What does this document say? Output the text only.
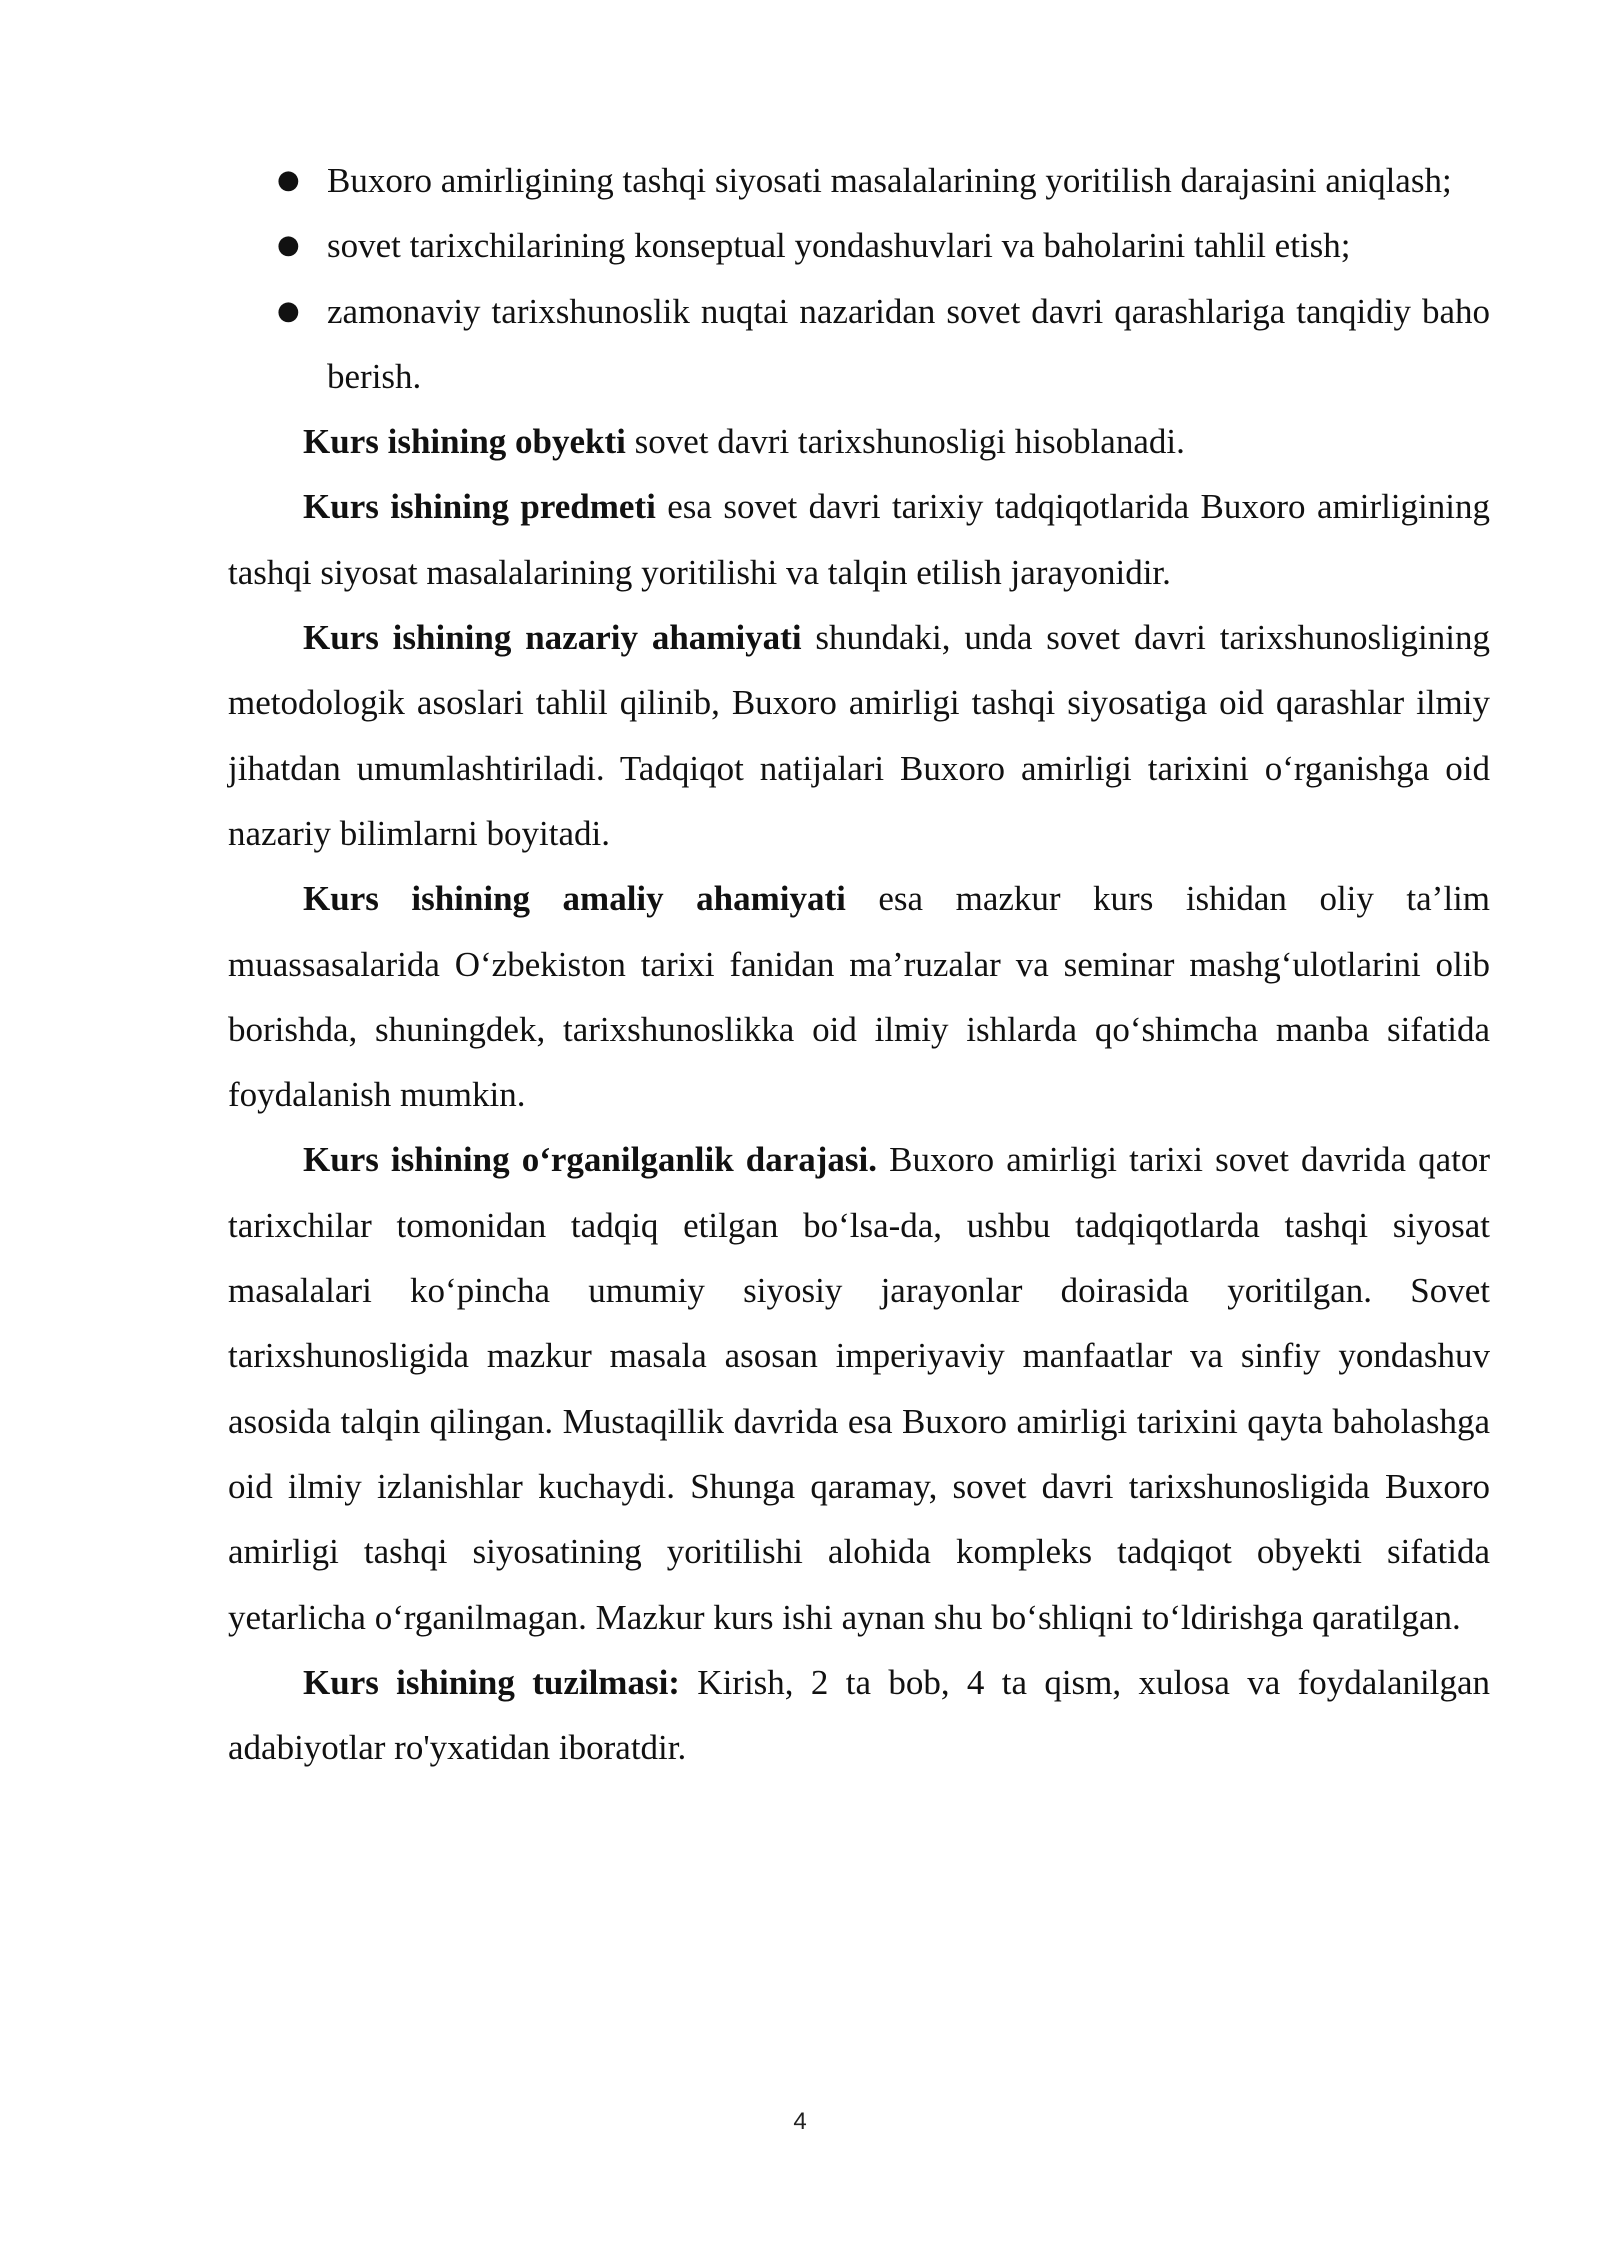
● Buxoro amirligining tashqi siyosati masalalarining yoritilish darajasini aniqlash;
● sovet tarixchilarining konseptual yondashuvlari va baholarini tahlil etish;
● zamonaviy tarixshunoslik nuqtai nazaridan sovet davri qarashlariga tanqidiy baho berish.

Kurs ishining obyekti sovet davri tarixshunosligi hisoblanadi.

Kurs ishining predmeti esa sovet davri tarixiy tadqiqotlarida Buxoro amirligining tashqi siyosat masalalarining yoritilishi va talqin etilish jarayonidir.

Kurs ishining nazariy ahamiyati shundaki, unda sovet davri tarixshunosligining metodologik asoslari tahlil qilinib, Buxoro amirligi tashqi siyosatiga oid qarashlar ilmiy jihatdan umumlashtiriladi. Tadqiqot natijalari Buxoro amirligi tarixini o‘rganishga oid nazariy bilimlarni boyitadi.

Kurs ishining amaliy ahamiyati esa mazkur kurs ishidan oliy ta’lim muassasalarida O‘zbekiston tarixi fanidan ma’ruzalar va seminar mashg‘ulotlarini olib borishda, shuningdek, tarixshunoslikka oid ilmiy ishlarda qo‘shimcha manba sifatida foydalanish mumkin.

Kurs ishining o‘rganilganlik darajasi. Buxoro amirligi tarixi sovet davrida qator tarixchilar tomonidan tadqiq etilgan bo‘lsa-da, ushbu tadqiqotlarda tashqi siyosat masalalari ko‘pincha umumiy siyosiy jarayonlar doirasida yoritilgan. Sovet tarixshunosligida mazkur masala asosan imperiyaviy manfaatlar va sinfiy yondashuv asosida talqin qilingan. Mustaqillik davrida esa Buxoro amirligi tarixini qayta baholashga oid ilmiy izlanishlar kuchaydi. Shunga qaramay, sovet davri tarixshunosligida Buxoro amirligi tashqi siyosatining yoritilishi alohida kompleks tadqiqot obyekti sifatida yetarlicha o‘rganilmagan. Mazkur kurs ishi aynan shu bo‘shliqni to‘ldirishga qaratilgan.

Kurs ishining tuzilmasi: Kirish, 2 ta bob, 4 ta qism, xulosa va foydalanilgan adabiyotlar ro'yxatidan iboratdir.

4
